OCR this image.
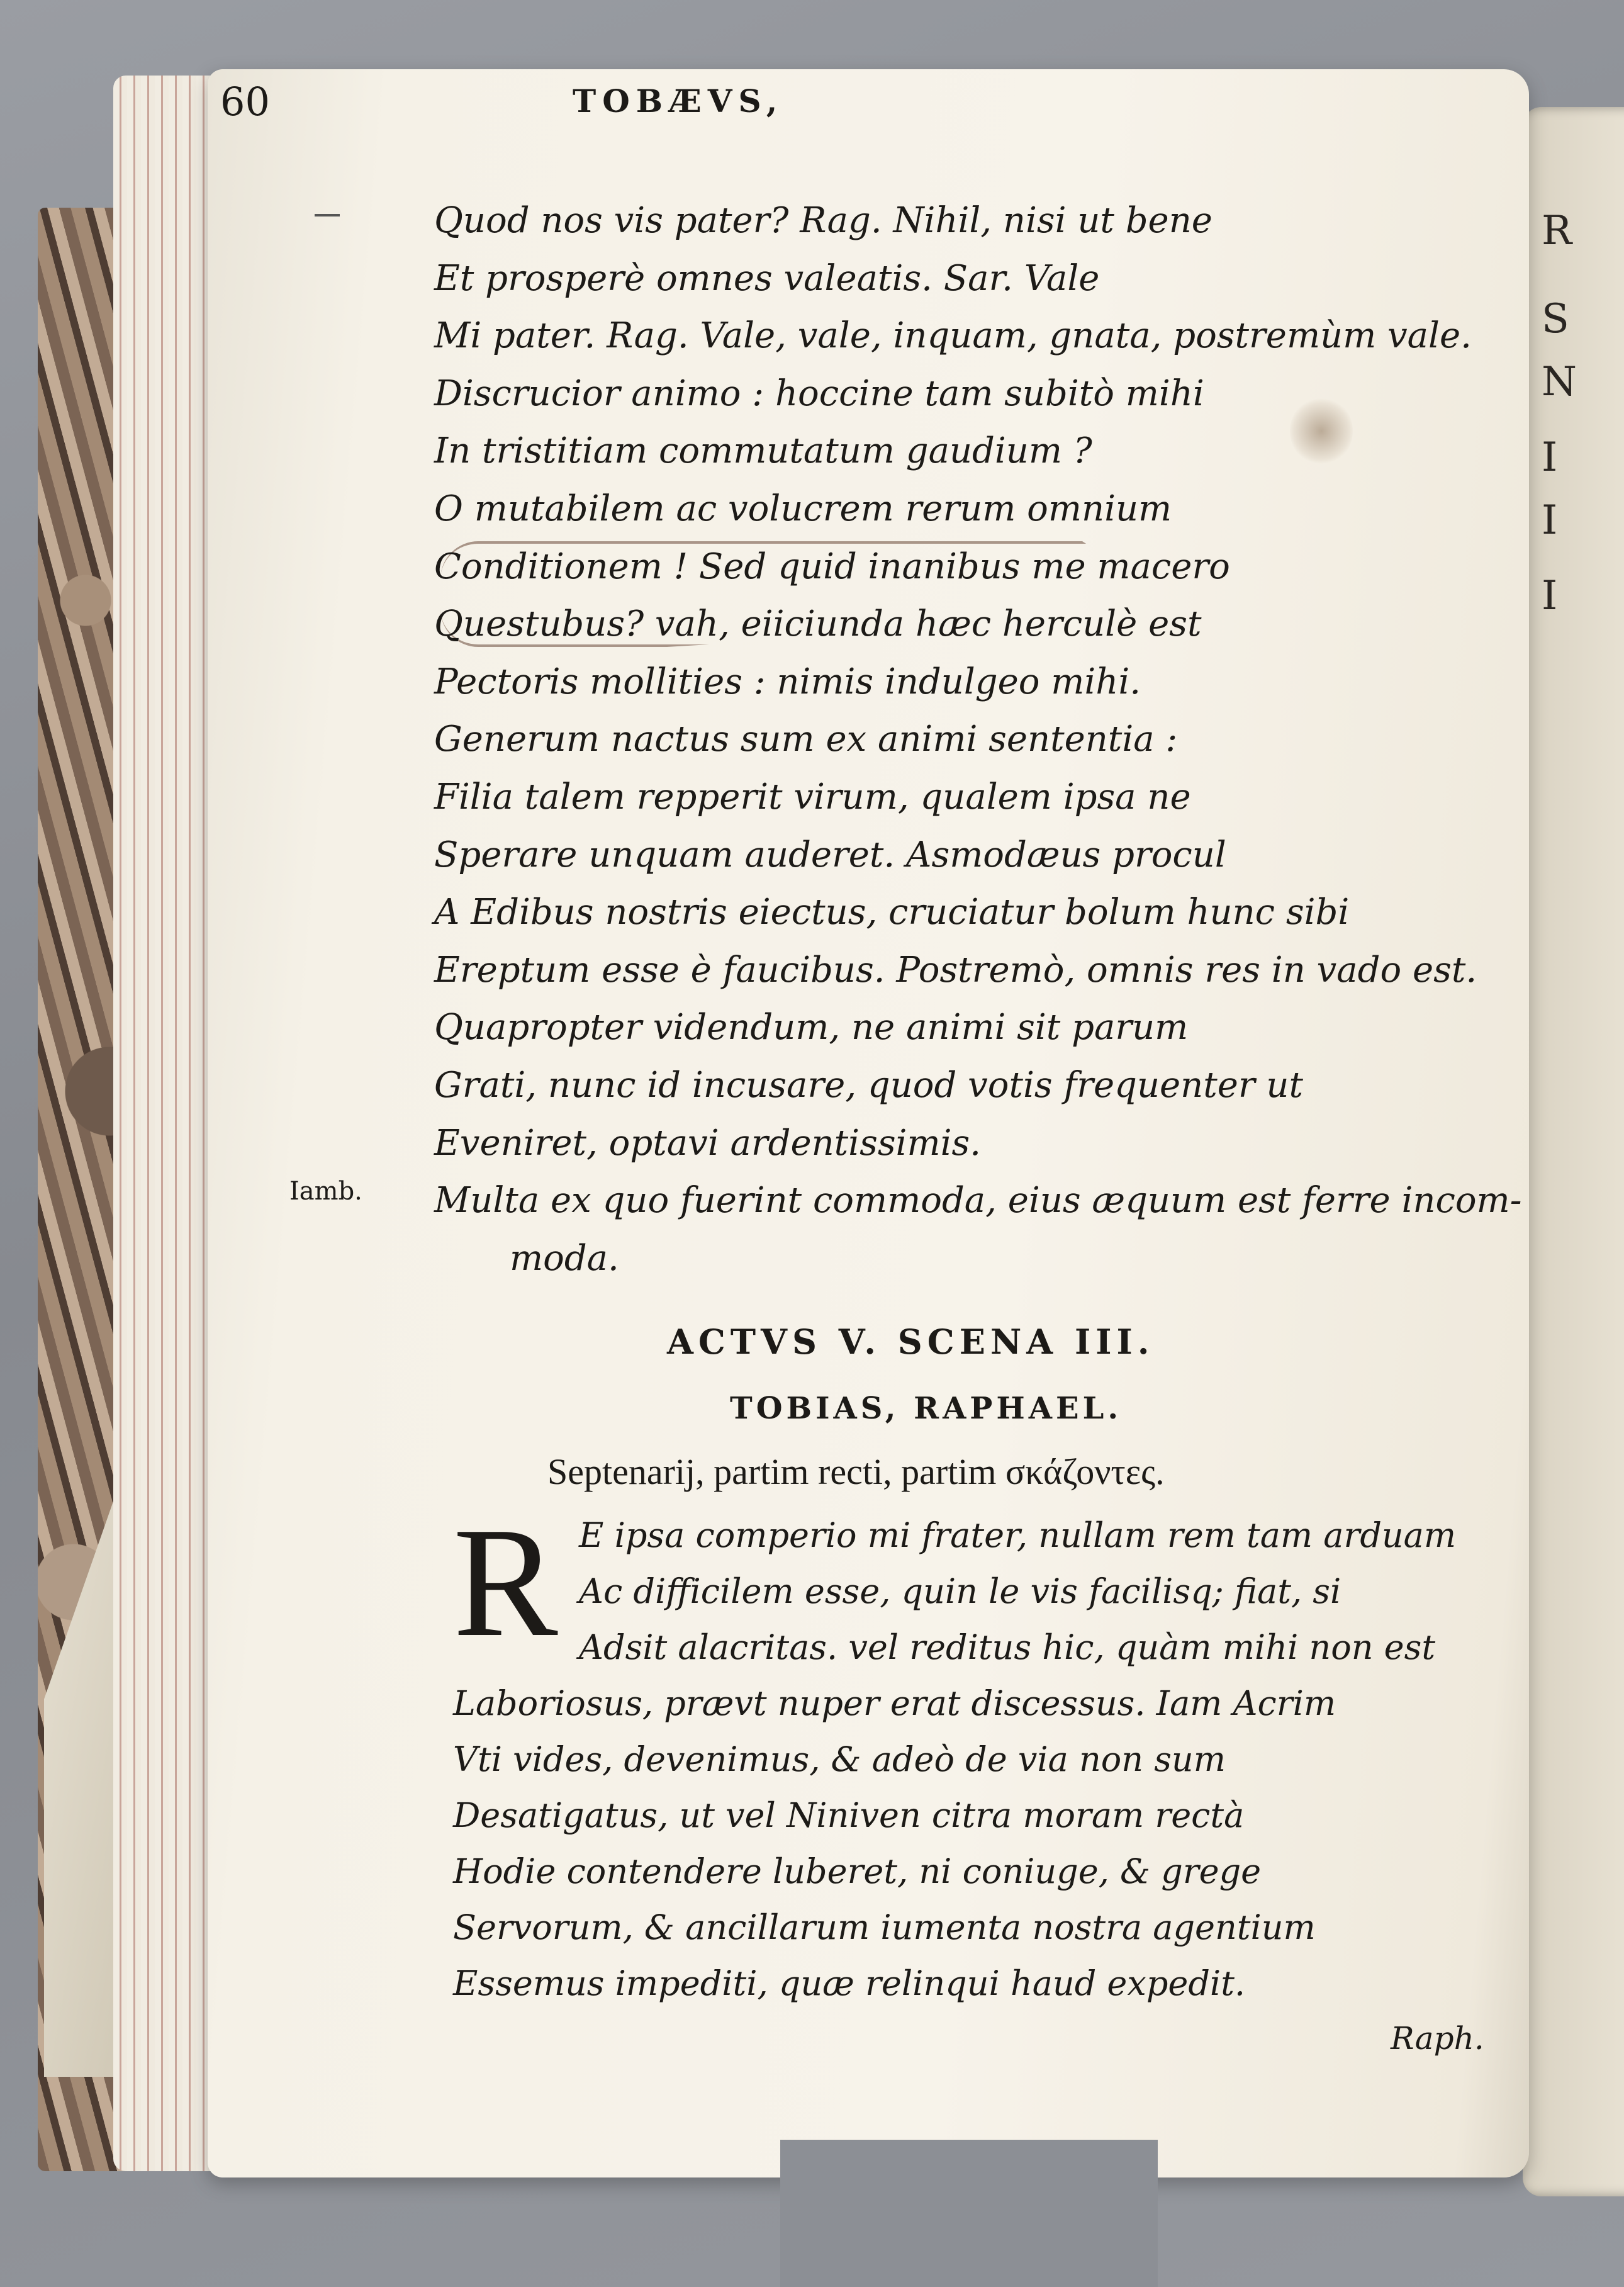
R
S
N
I
I
I
60	TOBÆVS,
Quod nos vis pater? Rag. Nihil, nisi ut bene
Et prosperè omnes valeatis. Sar. Vale
Mi pater. Rag. Vale, vale, inquam, gnata, postremùm vale.
Discrucior animo : hoccine tam subitò mihi
In tristitiam commutatum gaudium ?
O mutabilem ac volucrem rerum omnium
Conditionem ! Sed quid inanibus me macero
Questubus? vah, eiiciunda hæc herculè est
Pectoris mollities : nimis indulgeo mihi.
Generum nactus sum ex animi sententia :
Filia talem repperit virum, qualem ipsa ne
Sperare unquam auderet. Asmodæus procul
A Edibus nostris eiectus, cruciatur bolum hunc sibi
Ereptum esse è faucibus. Postremò, omnis res in vado est.
Quapropter videndum, ne animi sit parum
Grati, nunc id incusare, quod votis frequenter ut
Eveniret, optavi ardentissimis.
Multa ex quo fuerint commoda, eius æquum est ferre incom-
moda.
Iamb.
ACTVS V. SCENA III.
TOBIAS, RAPHAEL.
Septenarij, partim recti, partim σκάζοντες.
R E ipsa comperio mi frater, nullam rem tam arduam
Ac difficilem esse, quin le vis facilisq; fiat, si
Adsit alacritas. vel reditus hic, quàm mihi non est
Laboriosus, prævt nuper erat discessus. Iam Acrim
Vti vides, devenimus, & adeò de via non sum
Desatigatus, ut vel Niniven citra moram rectà
Hodie contendere luberet, ni coniuge, & grege
Servorum, & ancillarum iumenta nostra agentium
Essemus impediti, quæ relinqui haud expedit.
Raph.
